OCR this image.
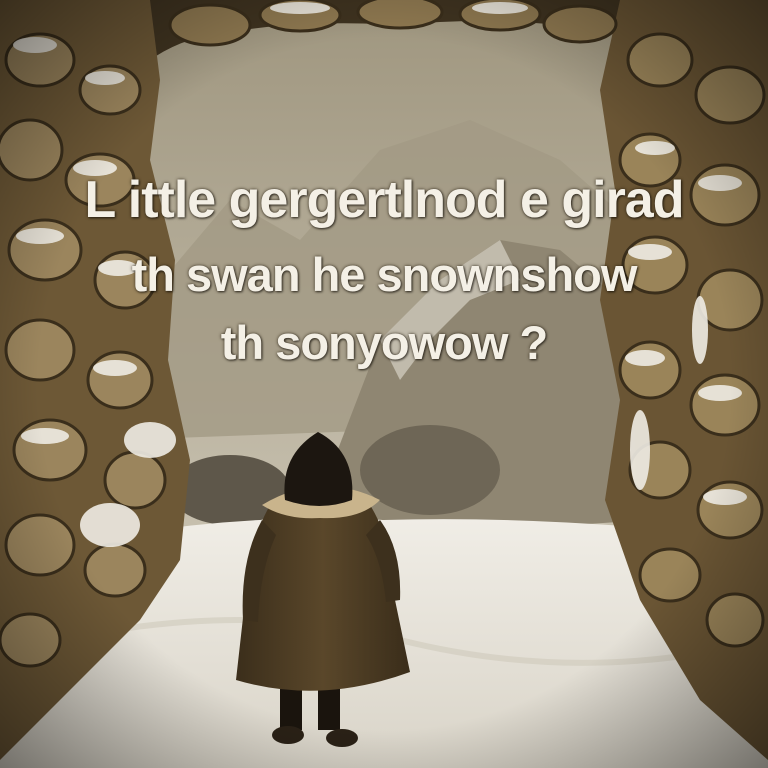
L ittle gergertlnod e girad
th swan he snownshow
th sonyowow ?
